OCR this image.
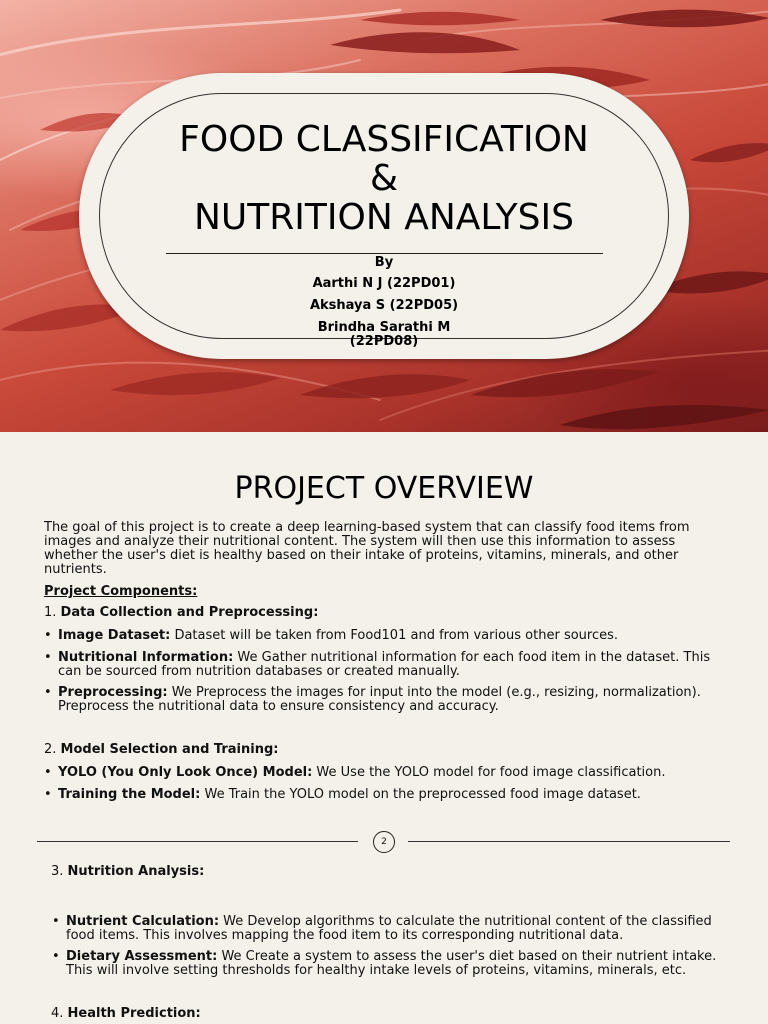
FOOD CLASSIFICATION
&
NUTRITION ANALYSIS
By
Aarthi N J (22PD01)
Akshaya S (22PD05)
Brindha Sarathi M
(22PD08)
PROJECT OVERVIEW
The goal of this project is to create a deep learning-based system that can classify food items from
images and analyze their nutritional content. The system will then use this information to assess
whether the user's diet is healthy based on their intake of proteins, vitamins, minerals, and other
nutrients.
Project Components:
1. Data Collection and Preprocessing:
• Image Dataset: Dataset will be taken from Food101 and from various other sources.
• Nutritional Information: We Gather nutritional information for each food item in the dataset. This
can be sourced from nutrition databases or created manually.
• Preprocessing: We Preprocess the images for input into the model (e.g., resizing, normalization).
Preprocess the nutritional data to ensure consistency and accuracy.
2. Model Selection and Training:
• YOLO (You Only Look Once) Model: We Use the YOLO model for food image classification.
• Training the Model: We Train the YOLO model on the preprocessed food image dataset.
2
3. Nutrition Analysis:
• Nutrient Calculation: We Develop algorithms to calculate the nutritional content of the classified
food items. This involves mapping the food item to its corresponding nutritional data.
• Dietary Assessment: We Create a system to assess the user's diet based on their nutrient intake.
This will involve setting thresholds for healthy intake levels of proteins, vitamins, minerals, etc.
4. Health Prediction:
